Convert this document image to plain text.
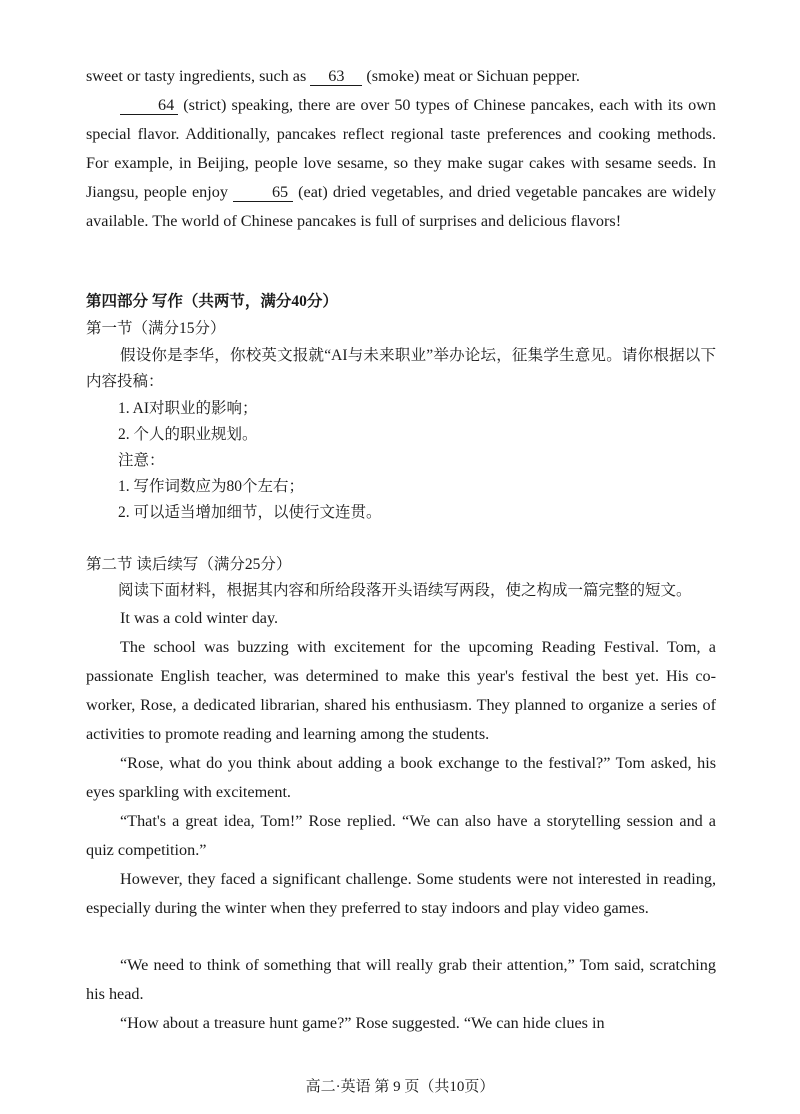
sweet or tasty ingredients, such as 63 (smoke) meat or Sichuan pepper.

64 (strict) speaking, there are over 50 types of Chinese pancakes, each with its own special flavor. Additionally, pancakes reflect regional taste preferences and cooking methods. For example, in Beijing, people love sesame, so they make sugar cakes with sesame seeds. In Jiangsu, people enjoy	65 (eat) dried vegetables, and dried vegetable pancakes are widely available. The world of Chinese pancakes is full of surprises and delicious flavors!

第四部分 写作（共两节，满分40分）
第一节（满分15分）

假设你是李华，你校英文报就“AI与未来职业”举办论坛，征集学生意见。请你根据以下内容投稿：

1. AI对职业的影响；
2. 个人的职业规划。
注意：
1. 写作词数应为80个左右；
2. 可以适当增加细节，以使行文连贯。
第二节 读后续写（满分25分）
阅读下面材料，根据其内容和所给段落开头语续写两段，使之构成一篇完整的短文。

It was a cold winter day.

The school was buzzing with excitement for the upcoming Reading Festival. Tom, a passionate English teacher, was determined to make this year's festival the best yet. His co-worker, Rose, a dedicated librarian, shared his enthusiasm. They planned to organize a series of activities to promote reading and learning among the students.

“Rose, what do you think about adding a book exchange to the festival?” Tom asked, his eyes sparkling with excitement.

“That's a great idea, Tom!” Rose replied. “We can also have a storytelling session and a quiz competition.”

However, they faced a significant challenge. Some students were not interested in reading, especially during the winter when they preferred to stay indoors and play video games.

“We need to think of something that will really grab their attention,” Tom said, scratching his head.

“How about a treasure hunt game?” Rose suggested. “We can hide clues in

高二·英语 第 9 页（共10页）
